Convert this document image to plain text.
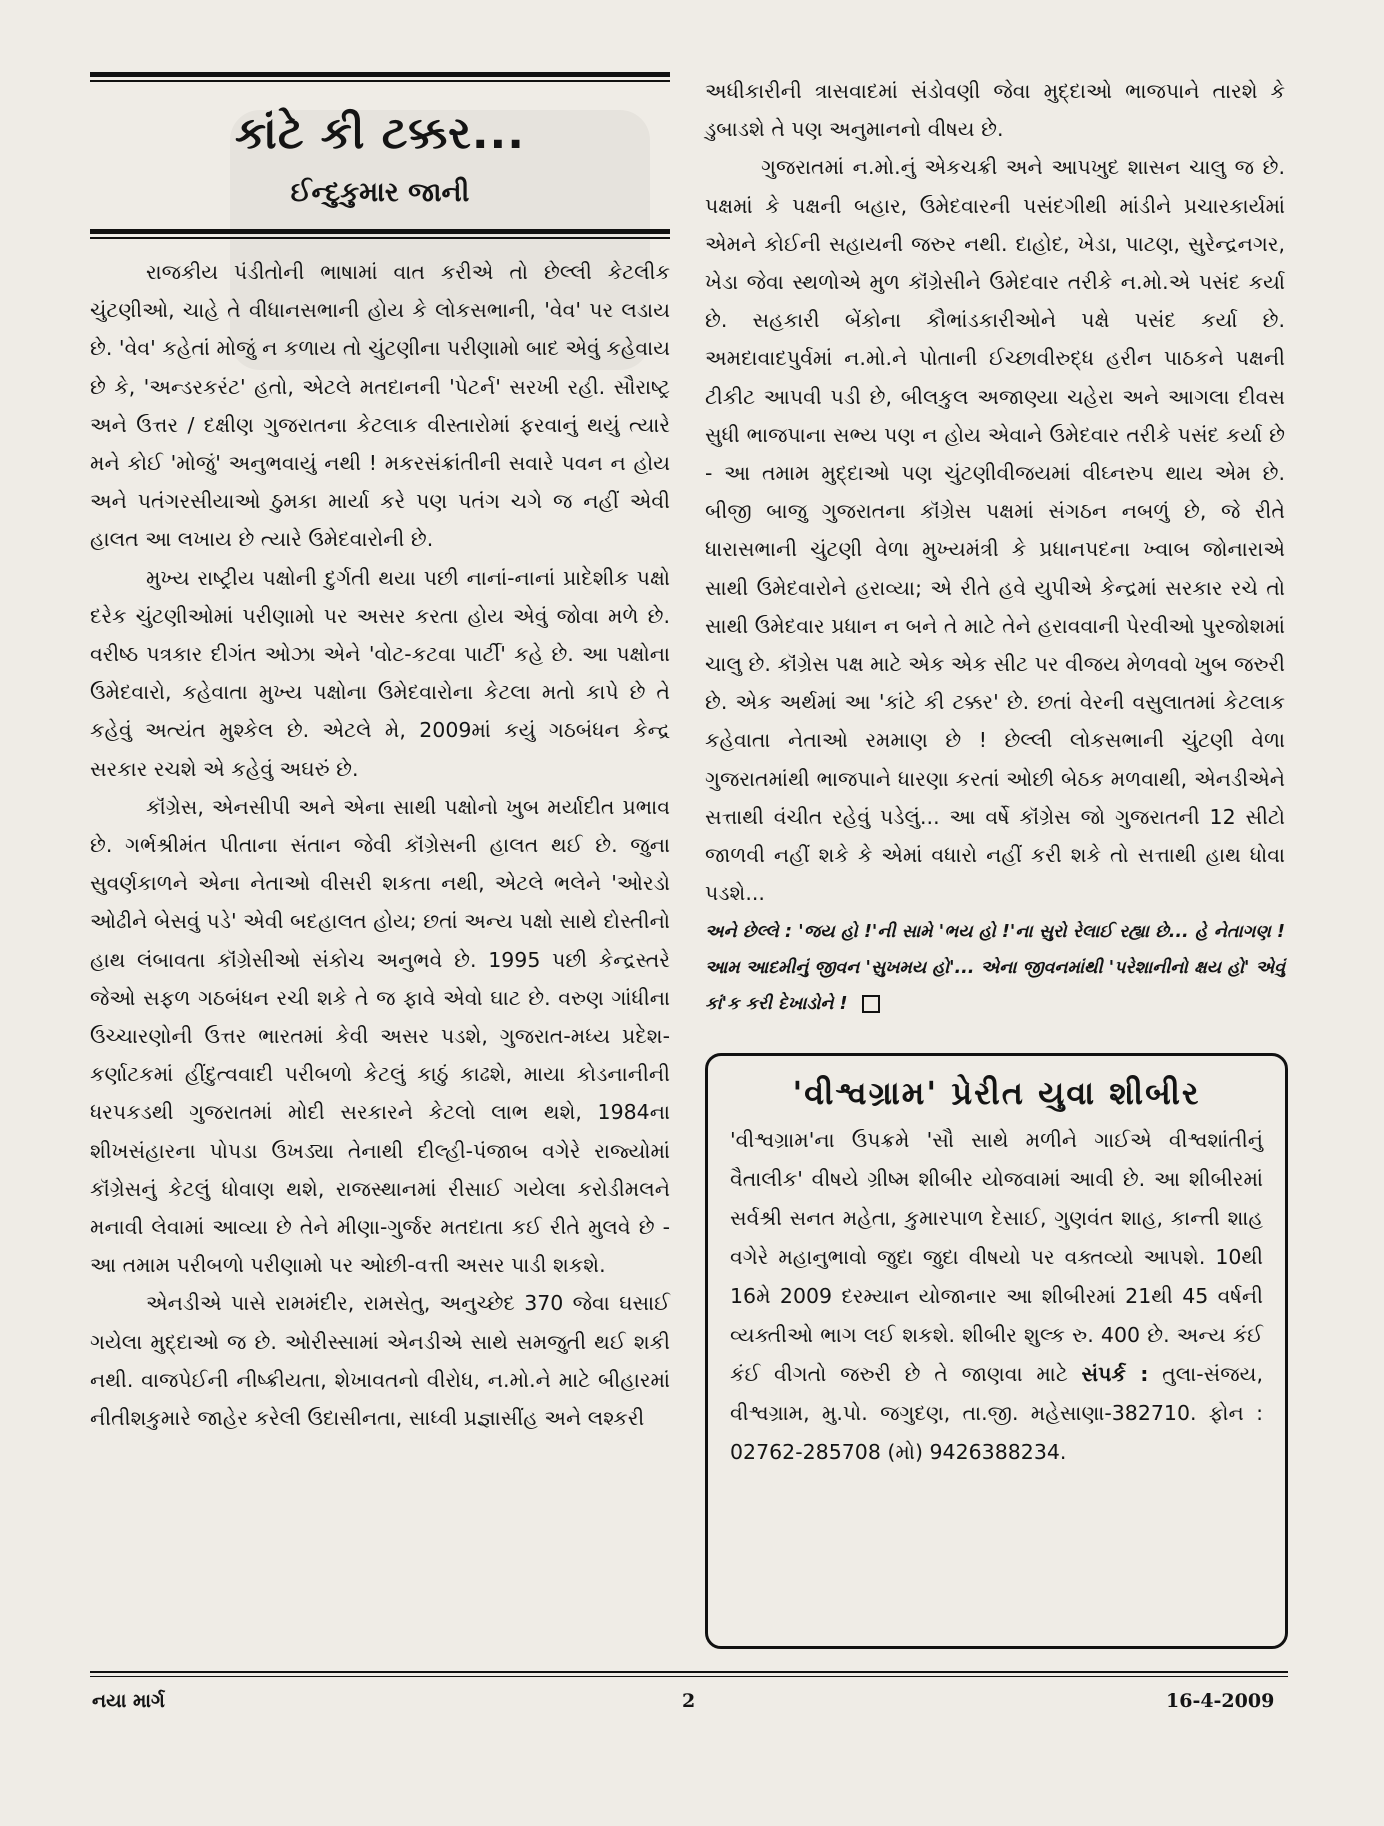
કાંટે કી ટક્કર...
ઈન્દુકુમાર જાની

રાજકીય પંડીતોની ભાષામાં વાત કરીએ તો છેલ્લી કેટલીક ચુંટણીઓ, ચાહે તે વીધાનસભાની હોય કે લોકસભાની, 'વેવ' પર લડાય છે. 'વેવ' કહેતાં મોજું ન કળાય તો ચુંટણીના પરીણામો બાદ એવું કહેવાય છે કે, 'અન્ડરકરંટ' હતો, એટલે મતદાનની 'પેટર્ન' સરખી રહી. સૌરાષ્ટ્ર અને ઉત્તર / દક્ષીણ ગુજરાતના કેટલાક વીસ્તારોમાં ફરવાનું થયું ત્યારે મને કોઈ 'મોજું' અનુભવાયું નથી ! મકરસંક્રાંતીની સવારે પવન ન હોય અને પતંગરસીયાઓ ઠુમકા માર્યા કરે પણ પતંગ ચગે જ નહીં એવી હાલત આ લખાય છે ત્યારે ઉમેદવારોની છે.

મુખ્ય રાષ્ટ્રીય પક્ષોની દુર્ગતી થયા પછી નાનાં-નાનાં પ્રાદેશીક પક્ષો દરેક ચુંટણીઓમાં પરીણામો પર અસર કરતા હોય એવું જોવા મળે છે. વરીષ્ઠ પત્રકાર દીગંત ઓઝા એને 'વોટ-કટવા પાર્ટી' કહે છે. આ પક્ષોના ઉમેદવારો, કહેવાતા મુખ્ય પક્ષોના ઉમેદવારોના કેટલા મતો કાપે છે તે કહેવું અત્યંત મુશ્કેલ છે. એટલે મે, 2009માં કયું ગઠબંધન કેન્દ્ર સરકાર રચશે એ કહેવું અઘરું છે.

કૉંગ્રેસ, એનસીપી અને એના સાથી પક્ષોનો ખુબ મર્યાદીત પ્રભાવ છે. ગર્ભશ્રીમંત પીતાના સંતાન જેવી કૉંગ્રેસની હાલત થઈ છે. જુના સુવર્ણકાળને એના નેતાઓ વીસરી શકતા નથી, એટલે ભલેને 'ઓરડો ઓઢીને બેસવું પડે' એવી બદહાલત હોય; છતાં અન્ય પક્ષો સાથે દોસ્તીનો હાથ લંબાવતા કૉંગ્રેસીઓ સંકોચ અનુભવે છે. 1995 પછી કેન્દ્રસ્તરે જેઓ સફળ ગઠબંધન રચી શકે તે જ ફાવે એવો ઘાટ છે. વરુણ ગાંધીના ઉચ્ચારણોની ઉત્તર ભારતમાં કેવી અસર પડશે, ગુજરાત-મધ્ય પ્રદેશ-કર્ણાટકમાં હીંદુત્વવાદી પરીબળો કેટલું કાઠું કાઢશે, માયા કોડનાનીની ધરપકડથી ગુજરાતમાં મોદી સરકારને કેટલો લાભ થશે, 1984ના શીખસંહારના પોપડા ઉખડ્યા તેનાથી દીલ્હી-પંજાબ વગેરે રાજ્યોમાં કૉંગ્રેસનું કેટલું ધોવાણ થશે, રાજસ્થાનમાં રીસાઈ ગયેલા કરોડીમલને મનાવી લેવામાં આવ્યા છે તેને મીણા-ગુર્જર મતદાતા કઈ રીતે મુલવે છે - આ તમામ પરીબળો પરીણામો પર ઓછી-વત્તી અસર પાડી શકશે.

એનડીએ પાસે રામમંદીર, રામસેતુ, અનુચ્છેદ 370 જેવા ઘસાઈ ગયેલા મુદ્દાઓ જ છે. ઓરીસ્સામાં એનડીએ સાથે સમજુતી થઈ શકી નથી. વાજપેઈની નીષ્ક્રીયતા, શેખાવતનો વીરોધ, ન.મો.ને માટે બીહારમાં નીતીશકુમારે જાહેર કરેલી ઉદાસીનતા, સાધ્વી પ્રજ્ઞાસીંહ અને લશ્કરી

અધીકારીની ત્રાસવાદમાં સંડોવણી જેવા મુદ્દાઓ ભાજપાને તારશે કે ડુબાડશે તે પણ અનુમાનનો વીષય છે.

ગુજરાતમાં ન.મો.નું એકચક્રી અને આપખુદ શાસન ચાલુ જ છે. પક્ષમાં કે પક્ષની બહાર, ઉમેદવારની પસંદગીથી માંડીને પ્રચારકાર્યમાં એમને કોઈની સહાયની જરુર નથી. દાહોદ, ખેડા, પાટણ, સુરેન્દ્રનગર, ખેડા જેવા સ્થળોએ મુળ કૉંગ્રેસીને ઉમેદવાર તરીકે ન.મો.એ પસંદ કર્યા છે. સહકારી બેંકોના કૌભાંડકારીઓને પક્ષે પસંદ કર્યા છે. અમદાવાદપુર્વમાં ન.મો.ને પોતાની ઈચ્છાવીરુદ્ધ હરીન પાઠકને પક્ષની ટીકીટ આપવી પડી છે, બીલકુલ અજાણ્યા ચહેરા અને આગલા દીવસ સુધી ભાજપાના સભ્ય પણ ન હોય એવાને ઉમેદવાર તરીકે પસંદ કર્યા છે - આ તમામ મુદ્દાઓ પણ ચુંટણીવીજયમાં વીઘ્નરુપ થાય એમ છે. બીજી બાજુ ગુજરાતના કૉંગ્રેસ પક્ષમાં સંગઠન નબળું છે, જે રીતે ધારાસભાની ચુંટણી વેળા મુખ્યમંત્રી કે પ્રધાનપદના ખ્વાબ જોનારાએ સાથી ઉમેદવારોને હરાવ્યા; એ રીતે હવે યુપીએ કેન્દ્રમાં સરકાર રચે તો સાથી ઉમેદવાર પ્રધાન ન બને તે માટે તેને હરાવવાની પેરવીઓ પુરજોશમાં ચાલુ છે. કૉંગ્રેસ પક્ષ માટે એક એક સીટ પર વીજય મેળવવો ખુબ જરુરી છે. એક અર્થમાં આ 'કાંટે કી ટક્કર' છે. છતાં વેરની વસુલાતમાં કેટલાક કહેવાતા નેતાઓ રમમાણ છે ! છેલ્લી લોકસભાની ચુંટણી વેળા ગુજરાતમાંથી ભાજપાને ધારણા કરતાં ઓછી બેઠક મળવાથી, એનડીએને સત્તાથી વંચીત રહેવું પડેલું... આ વર્ષે કૉંગ્રેસ જો ગુજરાતની 12 સીટો જાળવી નહીં શકે કે એમાં વધારો નહીં કરી શકે તો સત્તાથી હાથ ધોવા પડશે...

અને છેલ્લે : 'જય હો !'ની સામે 'ભય હો !'ના સુરો રેલાઈ રહ્યા છે... હે નેતાગણ ! આમ આદમીનું જીવન 'સુખમય હો'... એના જીવનમાંથી 'પરેશાનીનો ક્ષય હો' એવું કાં'ક કરી દેખાડોને !

'વીશ્વગ્રામ' પ્રેરીત યુવા શીબીર

'વીશ્વગ્રામ'ના ઉપક્રમે 'સૌ સાથે મળીને ગાઈએ વીશ્વશાંતીનું વૈતાલીક' વીષયે ગ્રીષ્મ શીબીર યોજવામાં આવી છે. આ શીબીરમાં સર્વશ્રી સનત મહેતા, કુમારપાળ દેસાઈ, ગુણવંત શાહ, કાન્તી શાહ વગેરે મહાનુભાવો જુદા જુદા વીષયો પર વક્તવ્યો આપશે. 10થી 16મે 2009 દરમ્યાન યોજાનાર આ શીબીરમાં 21થી 45 વર્ષની વ્યક્તીઓ ભાગ લઈ શકશે. શીબીર શુલ્ક રુ. 400 છે. અન્ય કંઈ કંઈ વીગતો જરુરી છે તે જાણવા માટે સંપર્ક : તુલા-સંજય, વીશ્વગ્રામ, મુ.પો. જગુદણ, તા.જી. મહેસાણા-382710. ફોન : 02762-285708 (મો) 9426388234.

નયા માર્ગ	2	16-4-2009
